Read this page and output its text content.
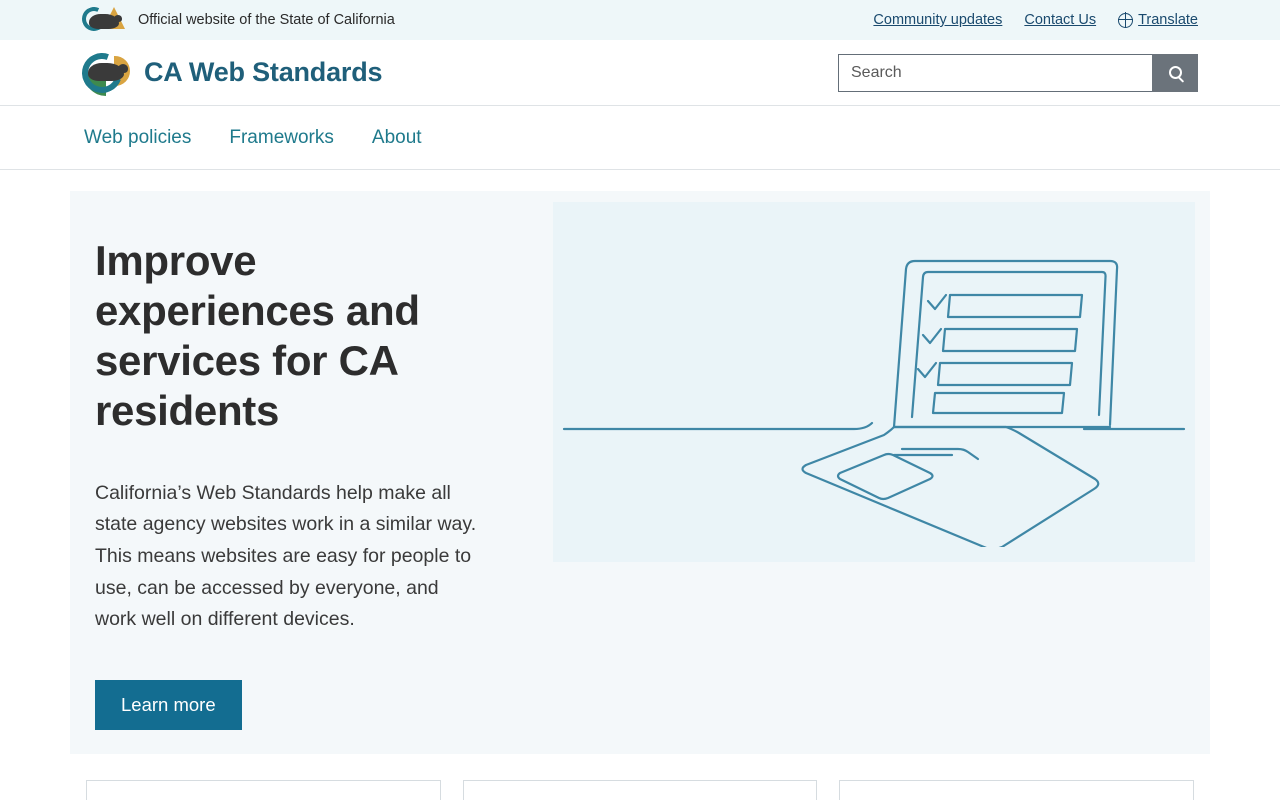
Official website of the State of California	Community updates Contact Us	Translate
CA Web Standards
Search
Web policies Frameworks About
Improve experiences and services for CA residents

California’s Web Standards help make all state agency websites work in a similar way. This means websites are easy for people to use, can be accessed by everyone, and work well on different devices.

Learn more
